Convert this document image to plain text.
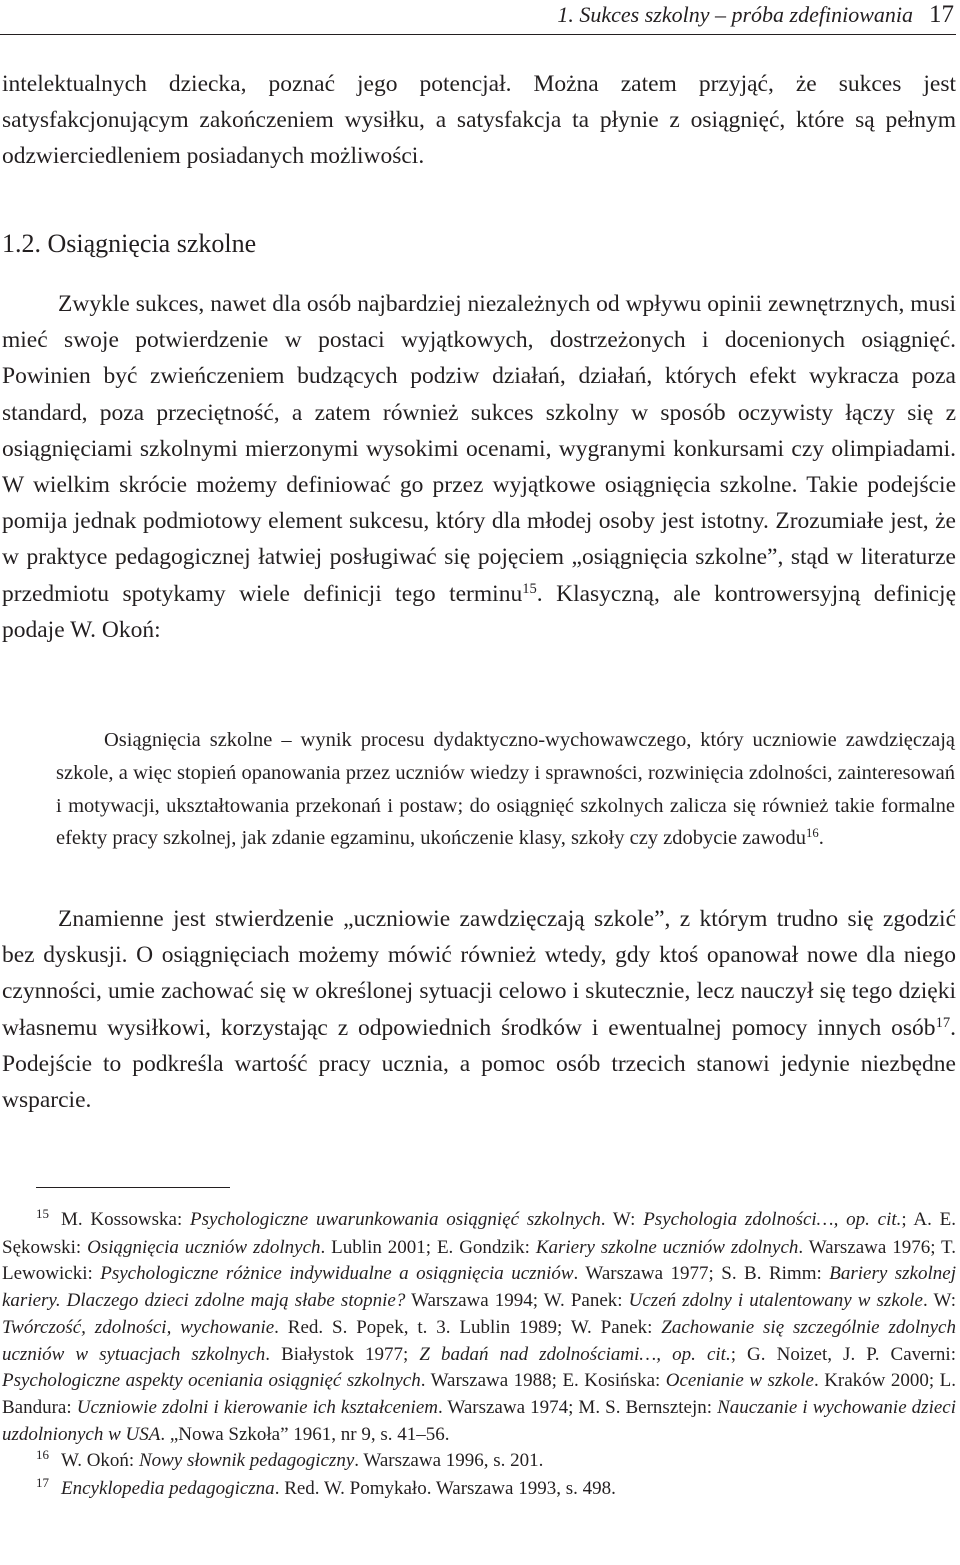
1. Sukces szkolny – próba zdefiniowania 17

intelektualnych dziecka, poznać jego potencjał. Można zatem przyjąć, że sukces jest satysfakcjonującym zakończeniem wysiłku, a satysfakcja ta płynie z osiągnięć, które są pełnym odzwierciedleniem posiadanych możliwości.

1.2. Osiągnięcia szkolne

Zwykle sukces, nawet dla osób najbardziej niezależnych od wpływu opinii zewnętrznych, musi mieć swoje potwierdzenie w postaci wyjątkowych, dostrzeżonych i docenionych osiągnięć. Powinien być zwieńczeniem budzących podziw działań, działań, których efekt wykracza poza standard, poza przeciętność, a zatem również sukces szkolny w sposób oczywisty łączy się z osiągnięciami szkolnymi mierzonymi wysokimi ocenami, wygranymi konkursami czy olimpiadami. W wielkim skrócie możemy definiować go przez wyjątkowe osiągnięcia szkolne. Takie podejście pomija jednak podmiotowy element sukcesu, który dla młodej osoby jest istotny. Zrozumiałe jest, że w praktyce pedagogicznej łatwiej posługiwać się pojęciem „osiągnięcia szkolne”, stąd w literaturze przedmiotu spotykamy wiele definicji tego terminu$^{15}$. Klasyczną, ale kontrowersyjną definicję podaje W. Okoń:

Osiągnięcia szkolne – wynik procesu dydaktyczno-wychowawczego, który uczniowie zawdzięczają szkole, a więc stopień opanowania przez uczniów wiedzy i sprawności, rozwinięcia zdolności, zainteresowań i motywacji, ukształtowania przekonań i postaw; do osiągnięć szkolnych zalicza się również takie formalne efekty pracy szkolnej, jak zdanie egzaminu, ukończenie klasy, szkoły czy zdobycie zawodu$^{16}$.

Znamienne jest stwierdzenie „uczniowie zawdzięczają szkole”, z którym trudno się zgodzić bez dyskusji. O osiągnięciach możemy mówić również wtedy, gdy ktoś opanował nowe dla niego czynności, umie zachować się w określonej sytuacji celowo i skutecznie, lecz nauczył się tego dzięki własnemu wysiłkowi, korzystając z odpowiednich środków i ewentualnej pomocy innych osób$^{17}$. Podejście to podkreśla wartość pracy ucznia, a pomoc osób trzecich stanowi jedynie niezbędne wsparcie.

15 M. Kossowska: Psychologiczne uwarunkowania osiągnięć szkolnych. W: Psychologia zdolności…, op. cit.; A. E. Sękowski: Osiągnięcia uczniów zdolnych. Lublin 2001; E. Gondzik: Kariery szkolne uczniów zdolnych. Warszawa 1976; T. Lewowicki: Psychologiczne różnice indywidualne a osiągnięcia uczniów. Warszawa 1977; S. B. Rimm: Bariery szkolnej kariery. Dlaczego dzieci zdolne mają słabe stopnie? Warszawa 1994; W. Panek: Uczeń zdolny i utalentowany w szkole. W: Twórczość, zdolności, wychowanie. Red. S. Popek, t. 3. Lublin 1989; W. Panek: Zachowanie się szczególnie zdolnych uczniów w sytuacjach szkolnych. Białystok 1977; Z badań nad zdolnościami…, op. cit.; G. Noizet, J. P. Caverni: Psychologiczne aspekty oceniania osiągnięć szkolnych. Warszawa 1988; E. Kosińska: Ocenianie w szkole. Kraków 2000; L. Bandura: Uczniowie zdolni i kierowanie ich kształceniem. Warszawa 1974; M. S. Bernsztejn: Nauczanie i wychowanie dzieci uzdolnionych w USA. „Nowa Szkoła” 1961, nr 9, s. 41–56.

16 W. Okoń: Nowy słownik pedagogiczny. Warszawa 1996, s. 201.

17 Encyklopedia pedagogiczna. Red. W. Pomykało. Warszawa 1993, s. 498.
